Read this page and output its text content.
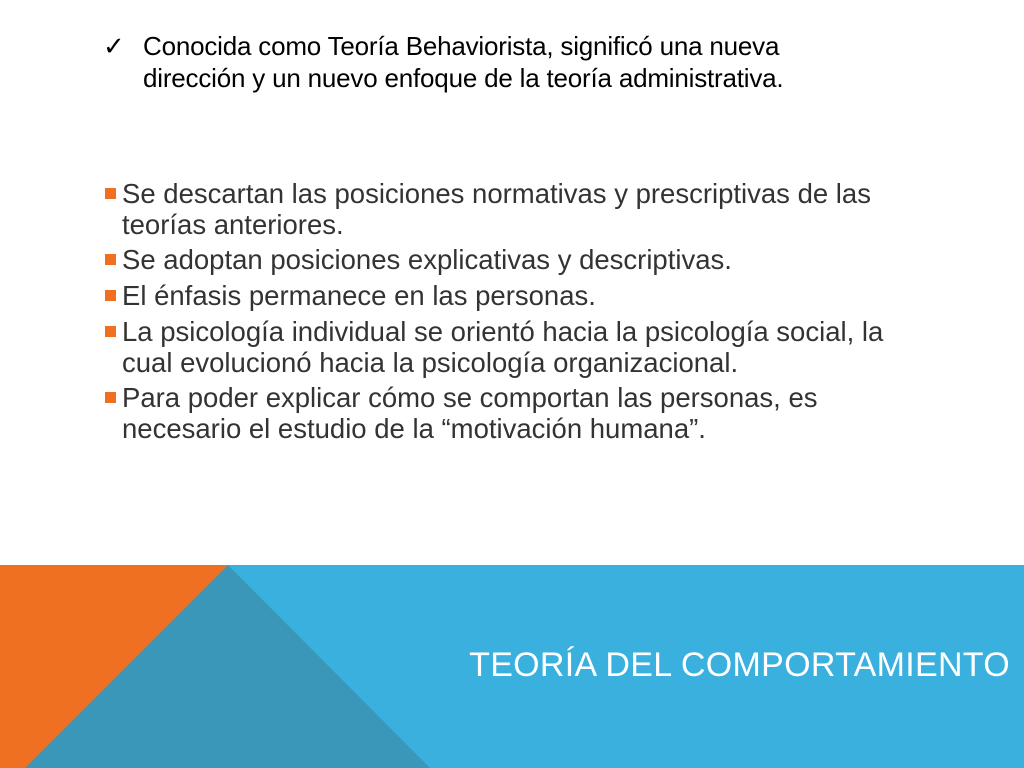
✓ Conocida como Teoría Behaviorista, significó una nueva dirección y un nuevo enfoque de la teoría administrativa.
Se descartan las posiciones normativas y prescriptivas de las teorías anteriores.
Se adoptan posiciones explicativas y descriptivas.
El énfasis permanece en las personas.
La psicología individual se orientó hacia la psicología social, la cual evolucionó hacia la psicología organizacional.
Para poder explicar cómo se comportan las personas, es necesario el estudio de la “motivación humana”.
TEORÍA DEL COMPORTAMIENTO
